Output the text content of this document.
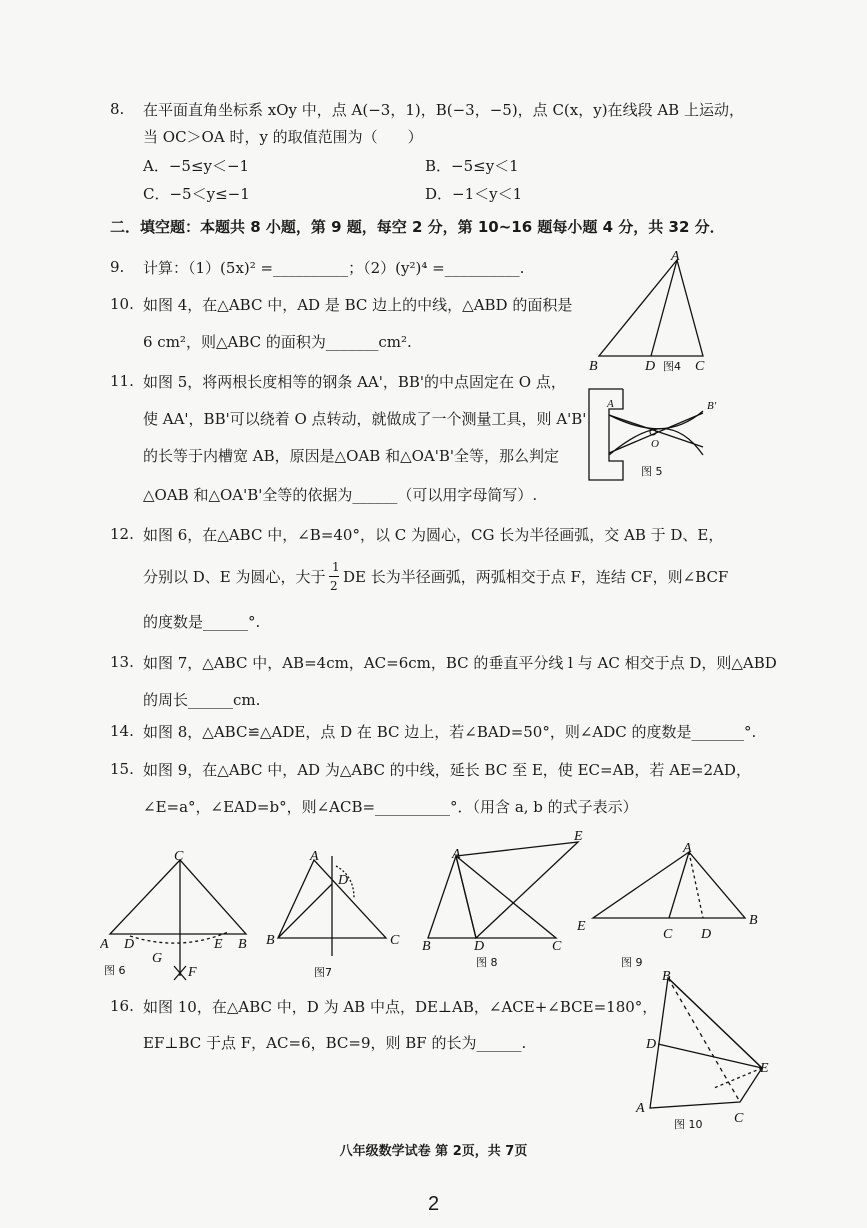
8. 在平面直角坐标系 xOy 中，点 A(−3，1)，B(−3，−5)，点 C(x，y)在线段 AB 上运动，
当 OC＞OA 时，y 的取值范围为（　　）
A．−5≤y＜−1	B．−5≤y＜1
C．−5＜y≤−1	D．−1＜y＜1
二．填空题：本题共 8 小题，第 9 题，每空 2 分，第 10~16 题每小题 4 分，共 32 分．
9. 计算：（1）(5x)² =__________；（2）(y²)⁴ =__________.
10. 如图 4，在△ABC 中，AD 是 BC 边上的中线，△ABD 的面积是
6 cm²，则△ABC 的面积为_______cm².
11. 如图 5，将两根长度相等的钢条 AA'，BB'的中点固定在 O 点，
使 AA'，BB'可以绕着 O 点转动，就做成了一个测量工具，则 A'B'
的长等于内槽宽 AB，原因是△OAB 和△OA'B'全等，那么判定
△OAB 和△OA'B'全等的依据为______（可以用字母简写）.
12. 如图 6，在△ABC 中，∠B=40°，以 C 为圆心，CG 长为半径画弧，交 AB 于 D、E，
分别以 D、E 为圆心，大于
1
2 DE 长为半径画弧，两弧相交于点 F，连结 CF，则∠BCF
的度数是______°.
13. 如图 7，△ABC 中，AB=4cm，AC=6cm，BC 的垂直平分线 l 与 AC 相交于点 D，则△ABD
的周长______cm.
14. 如图 8，△ABC≌△ADE，点 D 在 BC 边上，若∠BAD=50°，则∠ADC 的度数是_______°.
15. 如图 9，在△ABC 中，AD 为△ABC 的中线，延长 BC 至 E，使 EC=AB，若 AE=2AD，
∠E=a°，∠EAD=b°，则∠ACB=__________°．（用含 a, b 的式子表示）
16. 如图 10，在△ABC 中，D 为 AB 中点，DE⊥AB，∠ACE+∠BCE=180°，
EF⊥BC 于点 F，AC=6，BC=9，则 BF 的长为______.
A
B	D	C
图4
A	B'
O
图 5
C
A D
G
E B
F
图 6
A
D
B	C
图7
A
E
B	D	C
图 8
A
E	B
C D
图 9
B
D
E
A
C
图 10
八年级数学试卷 第 2页，共 7页
2
